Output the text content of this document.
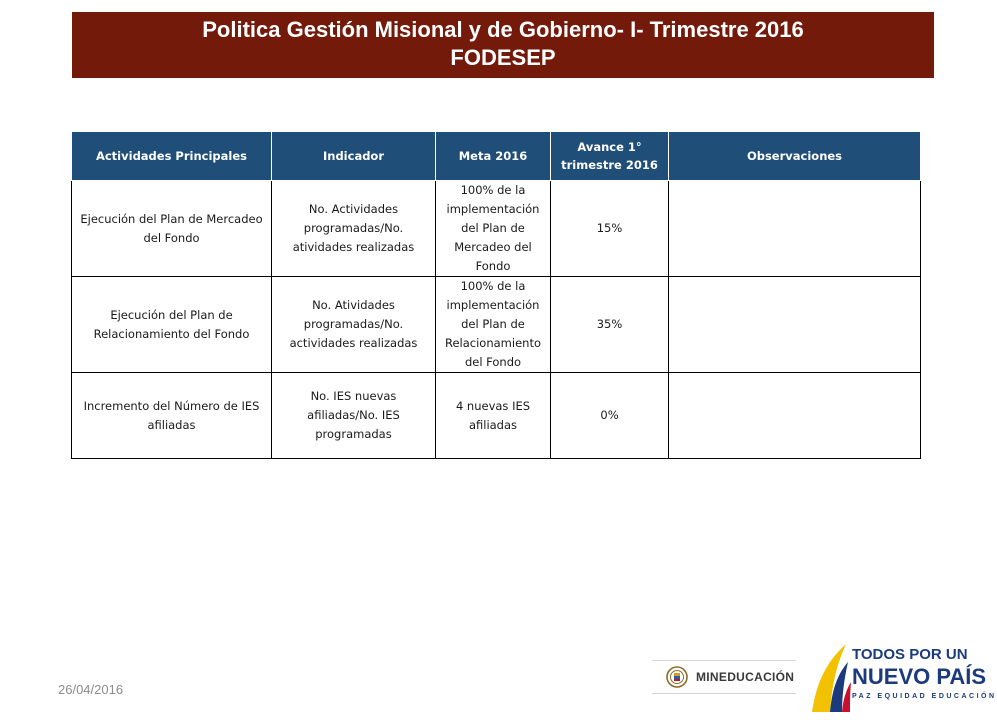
Politica Gestión Misional y de Gobierno- I- Trimestre 2016
FODESEP
Actividades Principales	Indicador	Meta 2016	Avance 1° trimestre 2016	Observaciones
Ejecución del Plan de Mercadeo del Fondo	No. Actividades programadas/No. atividades realizadas	100% de la implementación del Plan de Mercadeo del Fondo	15%	
Ejecución del Plan de Relacionamiento del Fondo	No. Atividades programadas/No. actividades realizadas	100% de la implementación del Plan de Relacionamiento del Fondo	35%	
Incremento del Número de IES afiliadas	No. IES nuevas afiliadas/No. IES programadas	4 nuevas IES afiliadas	0%	
26/04/2016
MINEDUCACIÓN
TODOS POR UN
NUEVO PAÍS
PAZ EQUIDAD EDUCACIÓN
